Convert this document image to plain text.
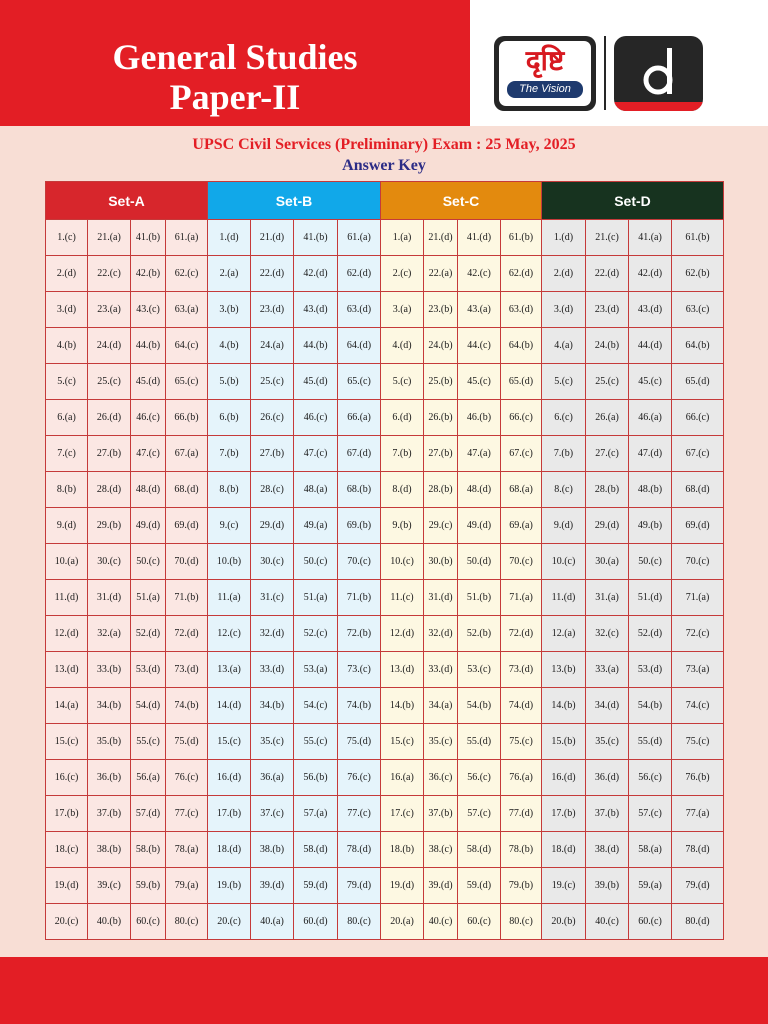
General Studies
Paper-II
दृष्टि
The Vision
UPSC Civil Services (Preliminary) Exam : 25 May, 2025
Answer Key
Set-A				Set-B				Set-C				Set-D			
1.(c)	21.(a)	41.(b)	61.(a)	1.(d)	21.(d)	41.(b)	61.(a)	1.(a)	21.(d)	41.(d)	61.(b)	1.(d)	21.(c)	41.(a)	61.(b)
2.(d)	22.(c)	42.(b)	62.(c)	2.(a)	22.(d)	42.(d)	62.(d)	2.(c)	22.(a)	42.(c)	62.(d)	2.(d)	22.(d)	42.(d)	62.(b)
3.(d)	23.(a)	43.(c)	63.(a)	3.(b)	23.(d)	43.(d)	63.(d)	3.(a)	23.(b)	43.(a)	63.(d)	3.(d)	23.(d)	43.(d)	63.(c)
4.(b)	24.(d)	44.(b)	64.(c)	4.(b)	24.(a)	44.(b)	64.(d)	4.(d)	24.(b)	44.(c)	64.(b)	4.(a)	24.(b)	44.(d)	64.(b)
5.(c)	25.(c)	45.(d)	65.(c)	5.(b)	25.(c)	45.(d)	65.(c)	5.(c)	25.(b)	45.(c)	65.(d)	5.(c)	25.(c)	45.(c)	65.(d)
6.(a)	26.(d)	46.(c)	66.(b)	6.(b)	26.(c)	46.(c)	66.(a)	6.(d)	26.(b)	46.(b)	66.(c)	6.(c)	26.(a)	46.(a)	66.(c)
7.(c)	27.(b)	47.(c)	67.(a)	7.(b)	27.(b)	47.(c)	67.(d)	7.(b)	27.(b)	47.(a)	67.(c)	7.(b)	27.(c)	47.(d)	67.(c)
8.(b)	28.(d)	48.(d)	68.(d)	8.(b)	28.(c)	48.(a)	68.(b)	8.(d)	28.(b)	48.(d)	68.(a)	8.(c)	28.(b)	48.(b)	68.(d)
9.(d)	29.(b)	49.(d)	69.(d)	9.(c)	29.(d)	49.(a)	69.(b)	9.(b)	29.(c)	49.(d)	69.(a)	9.(d)	29.(d)	49.(b)	69.(d)
10.(a)	30.(c)	50.(c)	70.(d)	10.(b)	30.(c)	50.(c)	70.(c)	10.(c)	30.(b)	50.(d)	70.(c)	10.(c)	30.(a)	50.(c)	70.(c)
11.(d)	31.(d)	51.(a)	71.(b)	11.(a)	31.(c)	51.(a)	71.(b)	11.(c)	31.(d)	51.(b)	71.(a)	11.(d)	31.(a)	51.(d)	71.(a)
12.(d)	32.(a)	52.(d)	72.(d)	12.(c)	32.(d)	52.(c)	72.(b)	12.(d)	32.(d)	52.(b)	72.(d)	12.(a)	32.(c)	52.(d)	72.(c)
13.(d)	33.(b)	53.(d)	73.(d)	13.(a)	33.(d)	53.(a)	73.(c)	13.(d)	33.(d)	53.(c)	73.(d)	13.(b)	33.(a)	53.(d)	73.(a)
14.(a)	34.(b)	54.(d)	74.(b)	14.(d)	34.(b)	54.(c)	74.(b)	14.(b)	34.(a)	54.(b)	74.(d)	14.(b)	34.(d)	54.(b)	74.(c)
15.(c)	35.(b)	55.(c)	75.(d)	15.(c)	35.(c)	55.(c)	75.(d)	15.(c)	35.(c)	55.(d)	75.(c)	15.(b)	35.(c)	55.(d)	75.(c)
16.(c)	36.(b)	56.(a)	76.(c)	16.(d)	36.(a)	56.(b)	76.(c)	16.(a)	36.(c)	56.(c)	76.(a)	16.(d)	36.(d)	56.(c)	76.(b)
17.(b)	37.(b)	57.(d)	77.(c)	17.(b)	37.(c)	57.(a)	77.(c)	17.(c)	37.(b)	57.(c)	77.(d)	17.(b)	37.(b)	57.(c)	77.(a)
18.(c)	38.(b)	58.(b)	78.(a)	18.(d)	38.(b)	58.(d)	78.(d)	18.(b)	38.(c)	58.(d)	78.(b)	18.(d)	38.(d)	58.(a)	78.(d)
19.(d)	39.(c)	59.(b)	79.(a)	19.(b)	39.(d)	59.(d)	79.(d)	19.(d)	39.(d)	59.(d)	79.(b)	19.(c)	39.(b)	59.(a)	79.(d)
20.(c)	40.(b)	60.(c)	80.(c)	20.(c)	40.(a)	60.(d)	80.(c)	20.(a)	40.(c)	60.(c)	80.(c)	20.(b)	40.(c)	60.(c)	80.(d)
